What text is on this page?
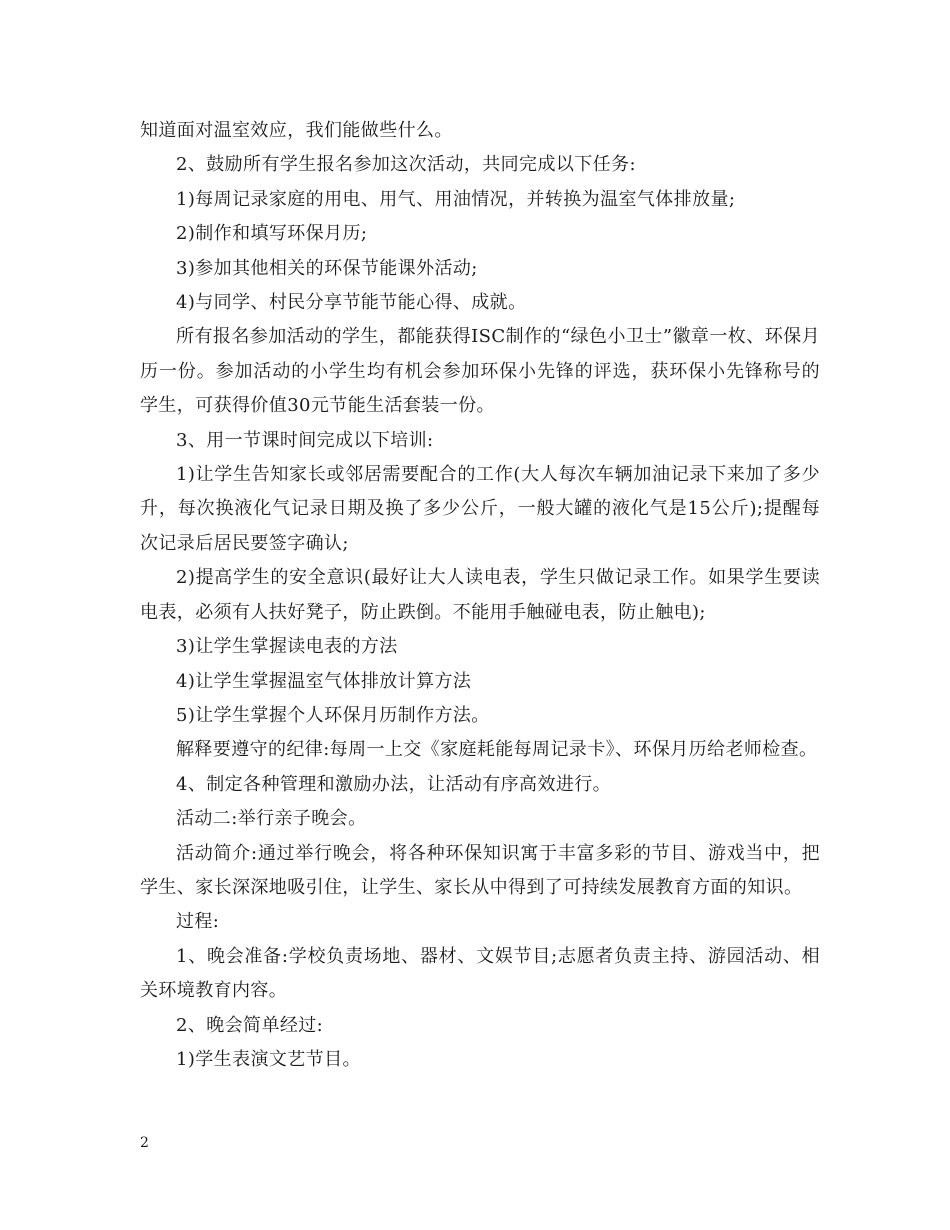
知道面对温室效应，我们能做些什么。

2、鼓励所有学生报名参加这次活动，共同完成以下任务:

1)每周记录家庭的用电、用气、用油情况，并转换为温室气体排放量;

2)制作和填写环保月历;

3)参加其他相关的环保节能课外活动;

4)与同学、村民分享节能节能心得、成就。

所有报名参加活动的学生，都能获得ISC制作的“绿色小卫士”徽章一枚、环保月历一份。参加活动的小学生均有机会参加环保小先锋的评选，获环保小先锋称号的学生，可获得价值30元节能生活套装一份。

3、用一节课时间完成以下培训:

1)让学生告知家长或邻居需要配合的工作(大人每次车辆加油记录下来加了多少升，每次换液化气记录日期及换了多少公斤，一般大罐的液化气是15公斤);提醒每次记录后居民要签字确认;

2)提高学生的安全意识(最好让大人读电表，学生只做记录工作。如果学生要读电表，必须有人扶好凳子，防止跌倒。不能用手触碰电表，防止触电);

3)让学生掌握读电表的方法

4)让学生掌握温室气体排放计算方法

5)让学生掌握个人环保月历制作方法。

解释要遵守的纪律:每周一上交《家庭耗能每周记录卡》、环保月历给老师检查。

4、制定各种管理和激励办法，让活动有序高效进行。

活动二:举行亲子晚会。

活动简介:通过举行晚会，将各种环保知识寓于丰富多彩的节目、游戏当中，把学生、家长深深地吸引住，让学生、家长从中得到了可持续发展教育方面的知识。

过程:

1、晚会准备:学校负责场地、器材、文娱节目;志愿者负责主持、游园活动、相关环境教育内容。

2、晚会简单经过:

1)学生表演文艺节目。

2
